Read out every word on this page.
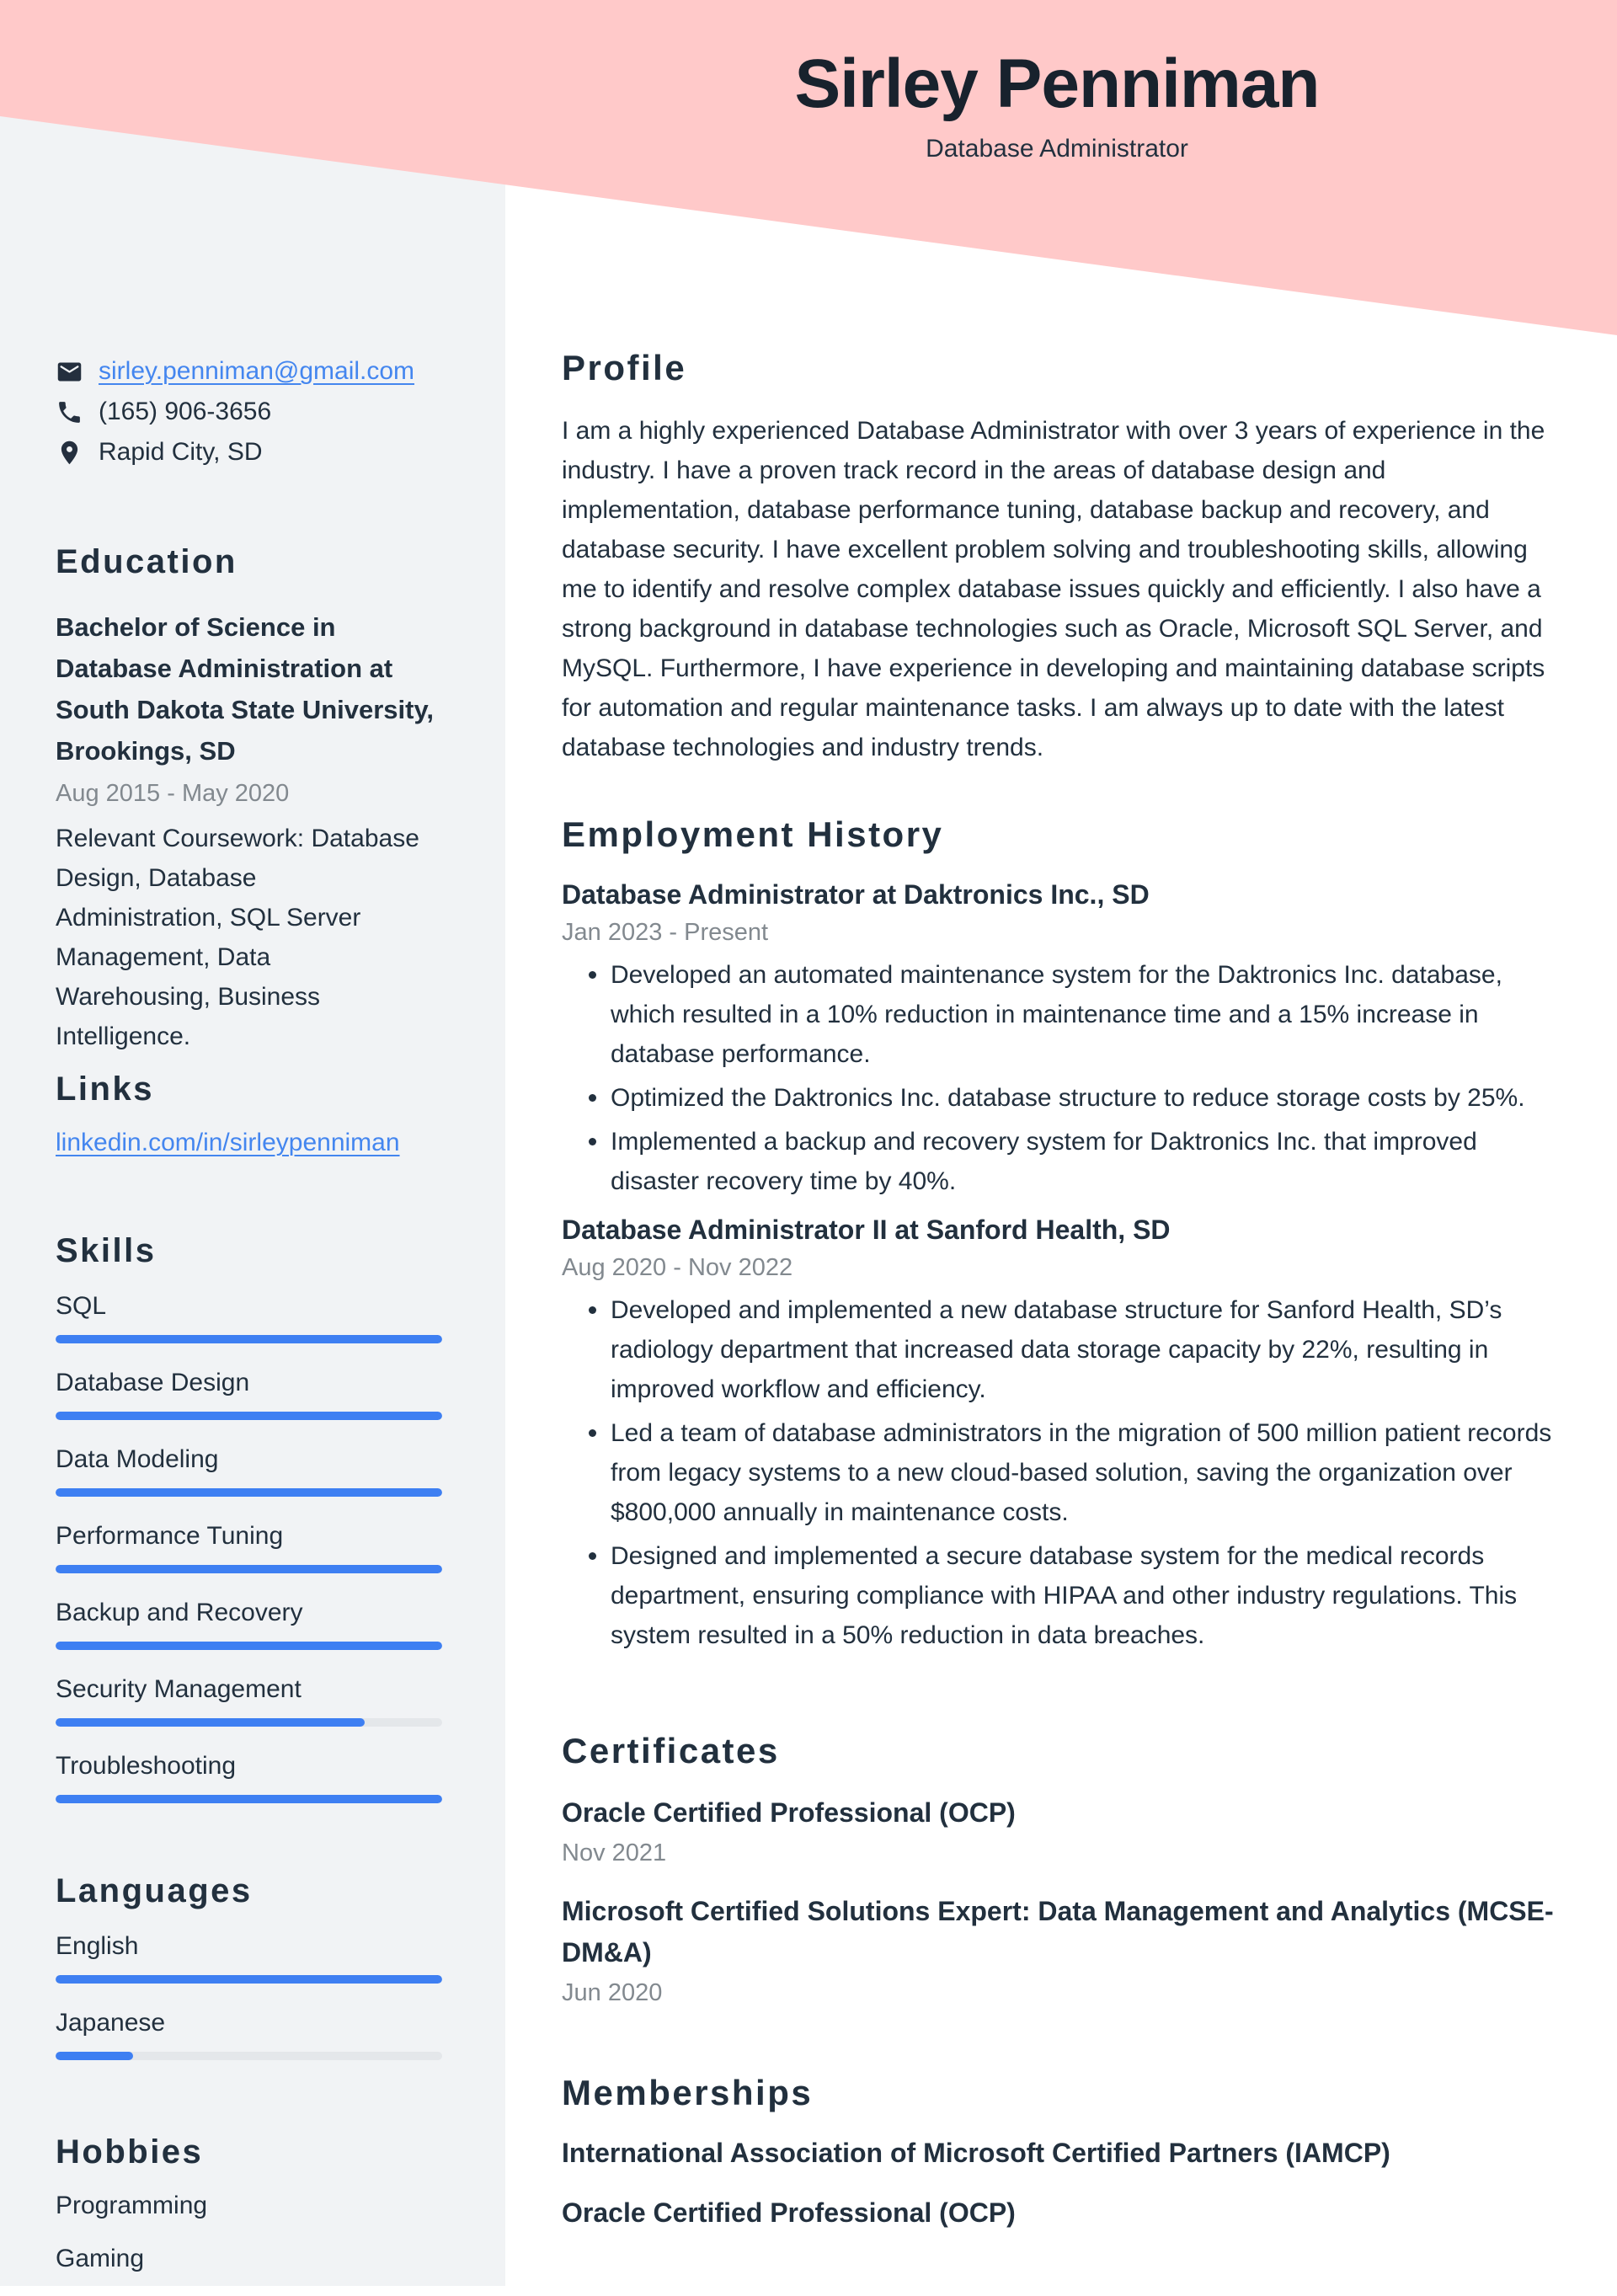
Sirley Penniman
Database Administrator
sirley.penniman@gmail.com
(165) 906-3656
Rapid City, SD
Education
Bachelor of Science in Database Administration at South Dakota State University, Brookings, SD
Aug 2015 - May 2020
Relevant Coursework: Database Design, Database Administration, SQL Server Management, Data Warehousing, Business Intelligence.
Links
linkedin.com/in/sirleypenniman
Skills
SQL
Database Design
Data Modeling
Performance Tuning
Backup and Recovery
Security Management
Troubleshooting
Languages
English
Japanese
Hobbies
Programming
Gaming
Profile

I am a highly experienced Database Administrator with over 3 years of experience in the industry. I have a proven track record in the areas of database design and implementation, database performance tuning, database backup and recovery, and database security. I have excellent problem solving and troubleshooting skills, allowing me to identify and resolve complex database issues quickly and efficiently. I also have a strong background in database technologies such as Oracle, Microsoft SQL Server, and MySQL. Furthermore, I have experience in developing and maintaining database scripts for automation and regular maintenance tasks. I am always up to date with the latest database technologies and industry trends.

Employment History
Database Administrator at Daktronics Inc., SD
Jan 2023 - Present
Developed an automated maintenance system for the Daktronics Inc. database, which resulted in a 10% reduction in maintenance time and a 15% increase in database performance.
Optimized the Daktronics Inc. database structure to reduce storage costs by 25%.
Implemented a backup and recovery system for Daktronics Inc. that improved disaster recovery time by 40%.
Database Administrator II at Sanford Health, SD
Aug 2020 - Nov 2022
Developed and implemented a new database structure for Sanford Health, SD’s radiology department that increased data storage capacity by 22%, resulting in improved workflow and efficiency.
Led a team of database administrators in the migration of 500 million patient records from legacy systems to a new cloud-based solution, saving the organization over $800,000 annually in maintenance costs.
Designed and implemented a secure database system for the medical records department, ensuring compliance with HIPAA and other industry regulations. This system resulted in a 50% reduction in data breaches.
Certificates
Oracle Certified Professional (OCP)
Nov 2021
Microsoft Certified Solutions Expert: Data Management and Analytics (MCSE-DM&A)
Jun 2020
Memberships
International Association of Microsoft Certified Partners (IAMCP)
Oracle Certified Professional (OCP)
